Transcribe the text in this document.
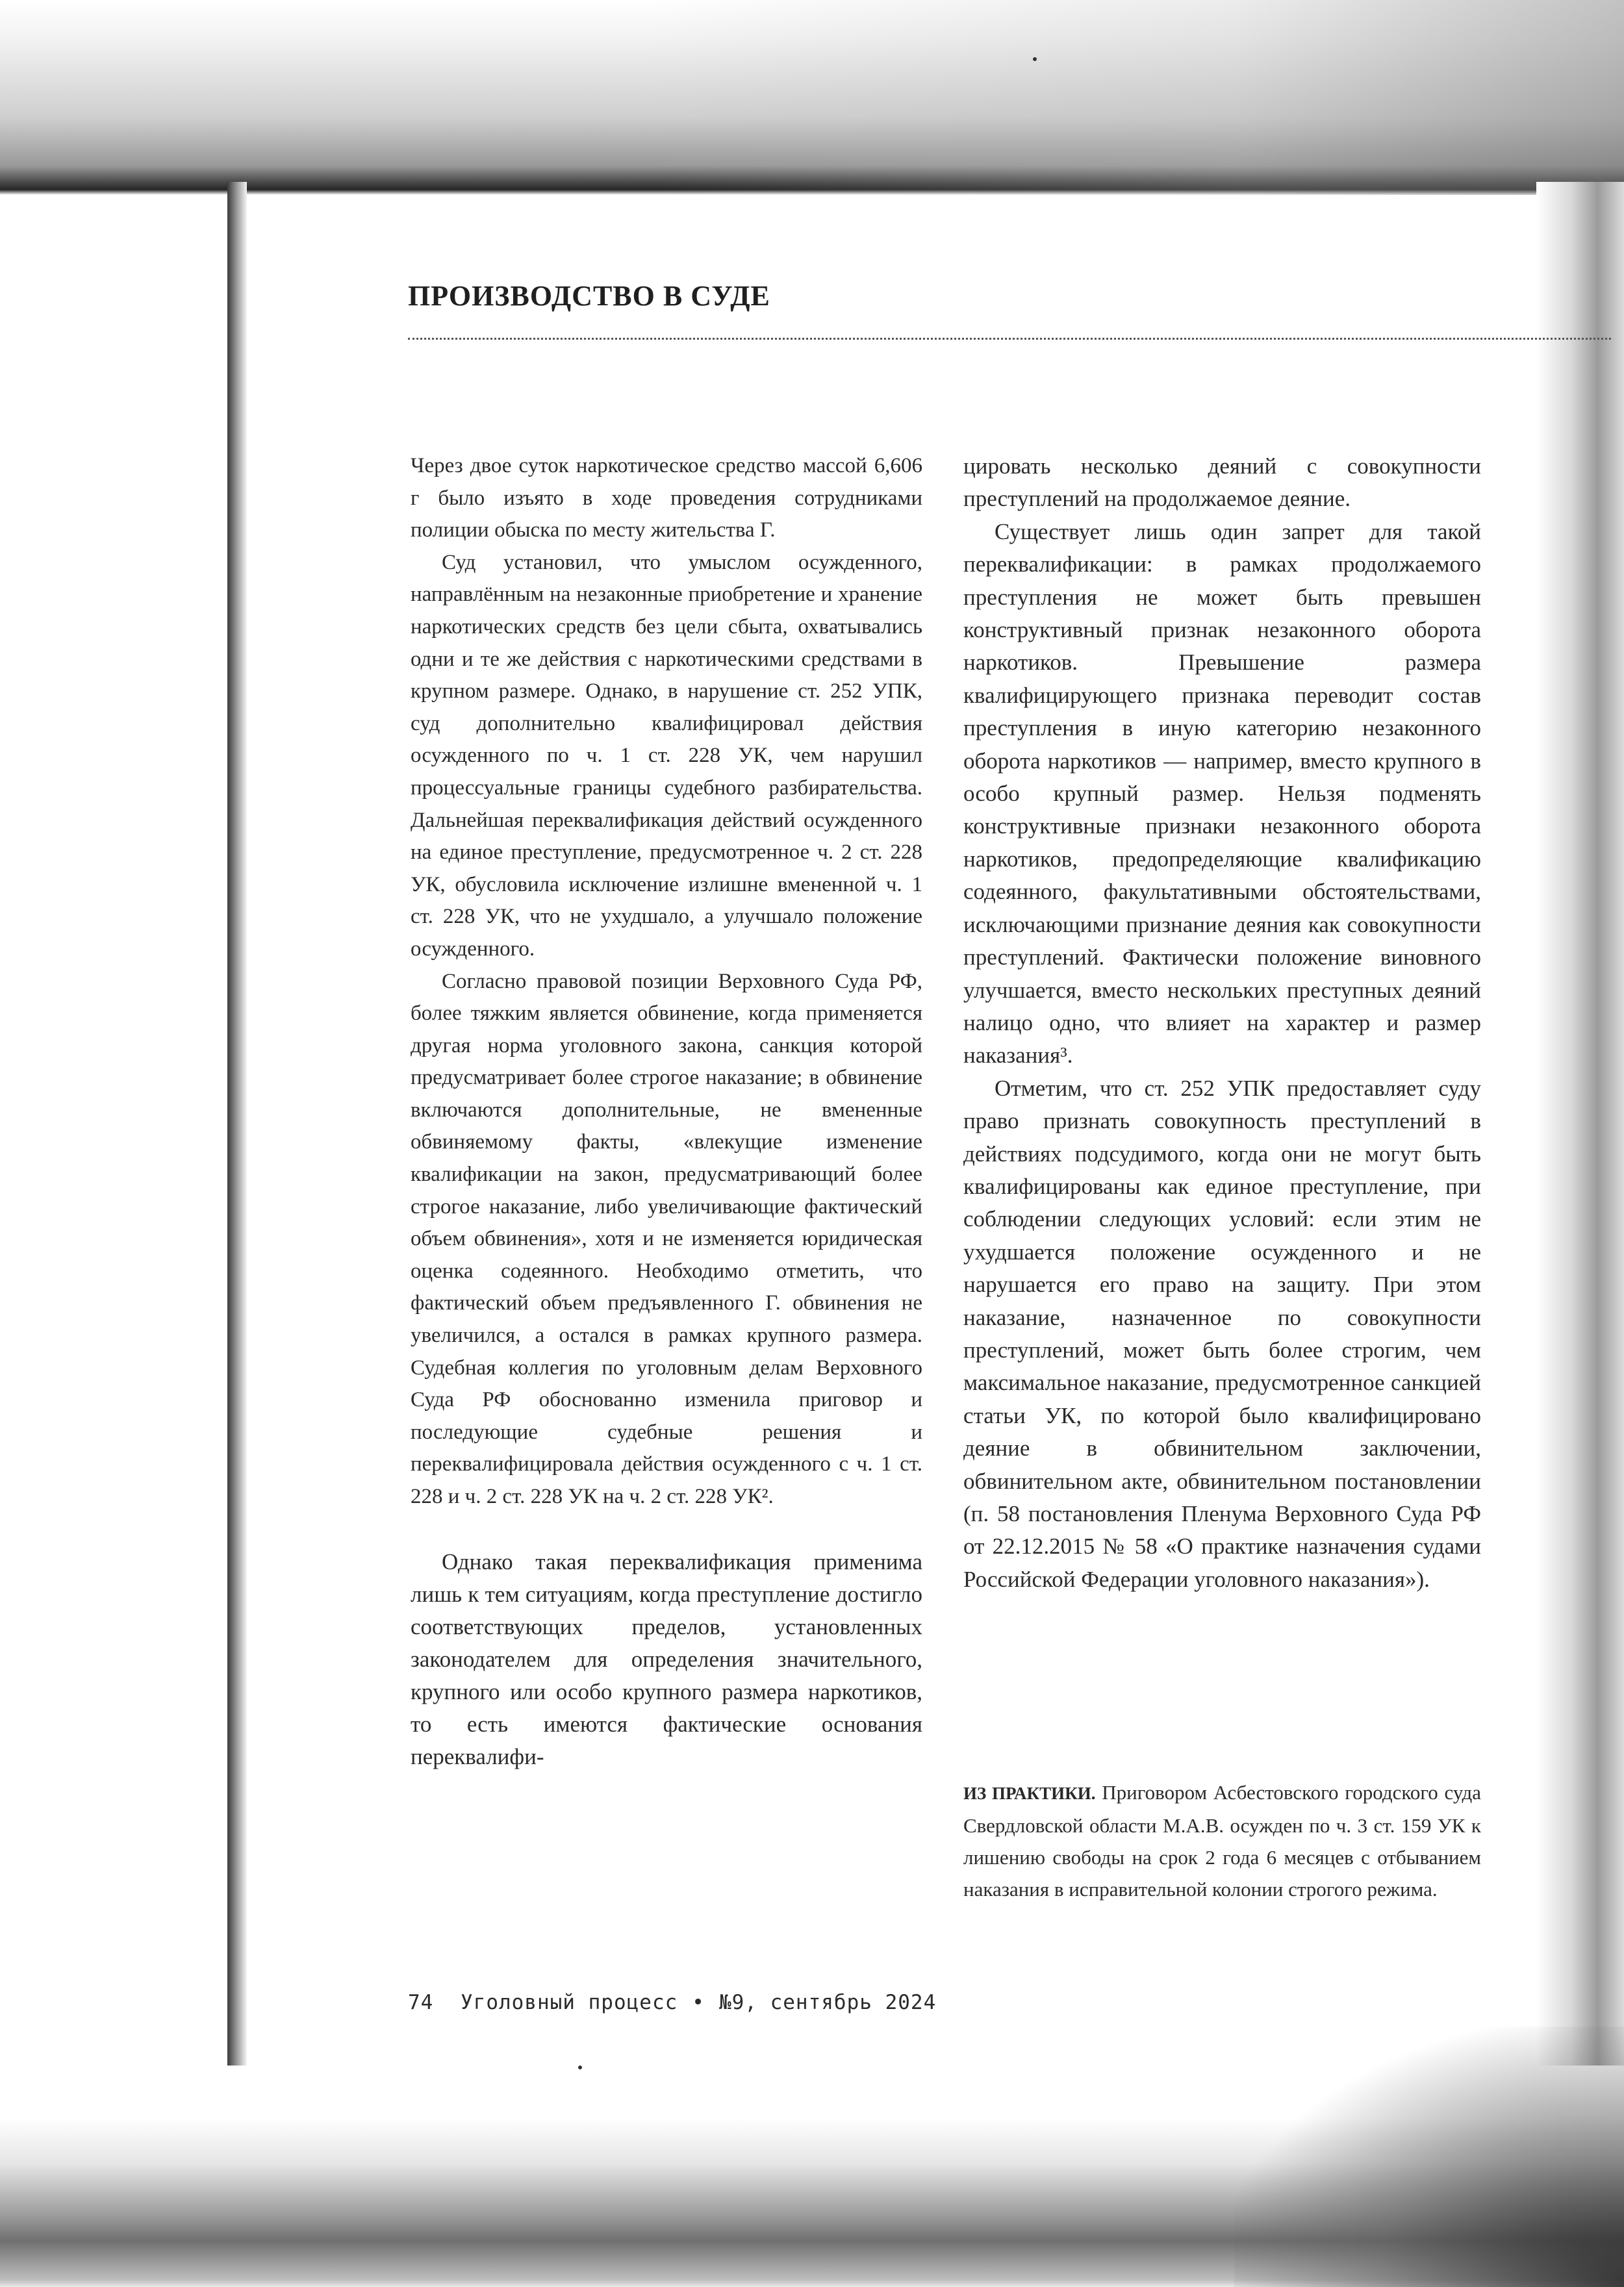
ПРОИЗВОДСТВО В СУДЕ

Через двое суток наркотическое средство массой 6,606 г было изъято в ходе проведения сотрудниками полиции обыска по месту жительства Г.

Суд установил, что умыслом осужденного, направлённым на незаконные приобретение и хранение наркотических средств без цели сбыта, охватывались одни и те же действия с наркотическими средствами в крупном размере. Однако, в нарушение ст. 252 УПК, суд дополнительно квалифицировал действия осужденного по ч. 1 ст. 228 УК, чем нарушил процессуальные границы судебного разбирательства. Дальнейшая переквалификация действий осужденного на единое преступление, предусмотренное ч. 2 ст. 228 УК, обусловила исключение излишне вмененной ч. 1 ст. 228 УК, что не ухудшало, а улучшало положение осужденного.

Согласно правовой позиции Верховного Суда РФ, более тяжким является обвинение, когда применяется другая норма уголовного закона, санкция которой предусматривает более строгое наказание; в обвинение включаются дополнительные, не вмененные обвиняемому факты, «влекущие изменение квалификации на закон, предусматривающий более строгое наказание, либо увеличивающие фактический объем обвинения», хотя и не изменяется юридическая оценка содеянного. Необходимо отметить, что фактический объем предъявленного Г. обвинения не увеличился, а остался в рамках крупного размера. Судебная коллегия по уголовным делам Верховного Суда РФ обоснованно изменила приговор и последующие судебные решения и переквалифицировала действия осужденного с ч. 1 ст. 228 и ч. 2 ст. 228 УК на ч. 2 ст. 228 УК².

Однако такая переквалификация применима лишь к тем ситуациям, когда преступление достигло соответствующих пределов, установленных законодателем для определения значительного, крупного или особо крупного размера наркотиков, то есть имеются фактические основания переквалифи-

цировать несколько деяний с совокупности преступлений на продолжаемое деяние.

Существует лишь один запрет для такой переквалификации: в рамках продолжаемого преступления не может быть превышен конструктивный признак незаконного оборота наркотиков. Превышение размера квалифицирующего признака переводит состав преступления в иную категорию незаконного оборота наркотиков — например, вместо крупного в особо крупный размер. Нельзя подменять конструктивные признаки незаконного оборота наркотиков, предопределяющие квалификацию содеянного, факультативными обстоятельствами, исключающими признание деяния как совокупности преступлений. Фактически положение виновного улучшается, вместо нескольких преступных деяний налицо одно, что влияет на характер и размер наказания³.

Отметим, что ст. 252 УПК предоставляет суду право признать совокупность преступлений в действиях подсудимого, когда они не могут быть квалифицированы как единое преступление, при соблюдении следующих условий: если этим не ухудшается положение осужденного и не нарушается его право на защиту. При этом наказание, назначенное по совокупности преступлений, может быть более строгим, чем максимальное наказание, предусмотренное санкцией статьи УК, по которой было квалифицировано деяние в обвинительном заключении, обвинительном акте, обвинительном постановлении (п. 58 постановления Пленума Верховного Суда РФ от 22.12.2015 № 58 «О практике назначения судами Российской Федерации уголовного наказания»).

ИЗ ПРАКТИКИ. Приговором Асбестовского городского суда Свердловской области М.А.В. осужден по ч. 3 ст. 159 УК к лишению свободы на срок 2 года 6 месяцев с отбыванием наказания в исправительной колонии строгого режима.

74 Уголовный процесс • №9, сентябрь 2024
